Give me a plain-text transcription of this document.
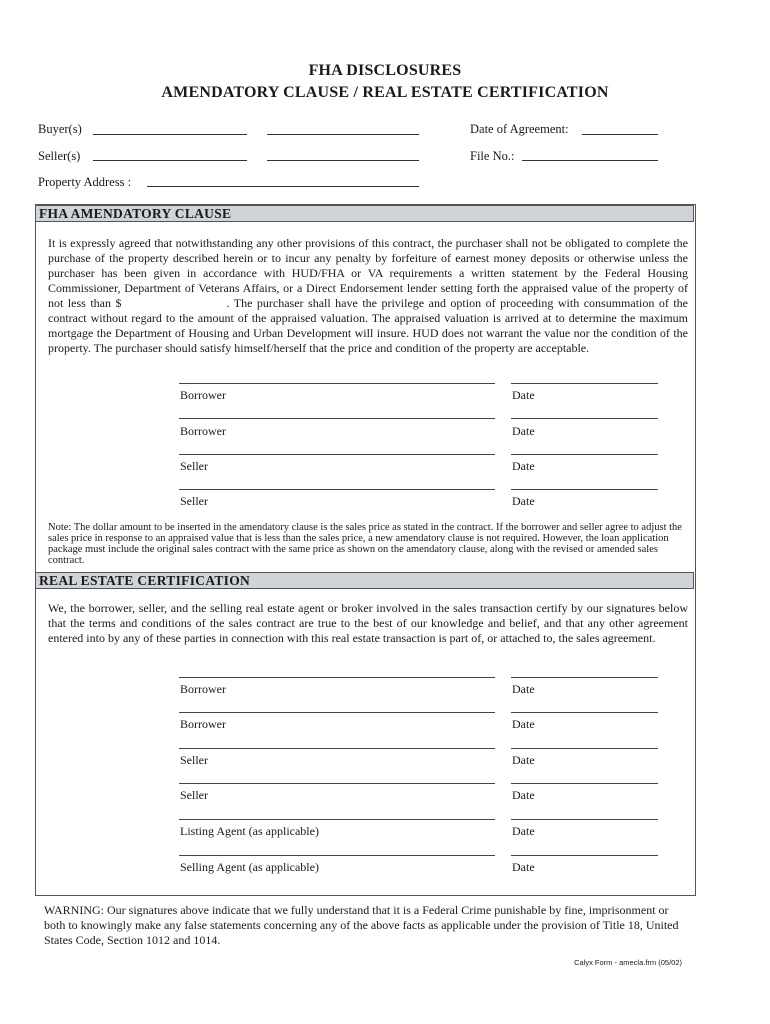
FHA DISCLOSURES
AMENDATORY CLAUSE / REAL ESTATE CERTIFICATION
Buyer(s)	Date of Agreement:
Seller(s)	File No.:
Property Address :
FHA AMENDATORY CLAUSE
It is expressly agreed that notwithstanding any other provisions of this contract, the purchaser shall not be obligated to complete the purchase of the property described herein or to incur any penalty by forfeiture of earnest money deposits or otherwise unless the purchaser has been given in accordance with HUD/FHA or VA requirements a written statement by the Federal Housing Commissioner, Department of Veterans Affairs, or a Direct Endorsement lender setting forth the appraised value of the property of not less than $	. The purchaser shall have the privilege and option of proceeding with consummation of the contract without regard to the amount of the appraised valuation. The appraised valuation is arrived at to determine the maximum mortgage the Department of Housing and Urban Development will insure. HUD does not warrant the value nor the condition of the property. The purchaser should satisfy himself/herself that the price and condition of the property are acceptable.
Borrower	Date
Borrower	Date
Seller	Date
Seller	Date
Note: The dollar amount to be inserted in the amendatory clause is the sales price as stated in the contract. If the borrower and seller agree to adjust the sales price in response to an appraised value that is less than the sales price, a new amendatory clause is not required. However, the loan application package must include the original sales contract with the same price as shown on the amendatory clause, along with the revised or amended sales contract.
REAL ESTATE CERTIFICATION
We, the borrower, seller, and the selling real estate agent or broker involved in the sales transaction certify by our signatures below that the terms and conditions of the sales contract are true to the best of our knowledge and belief, and that any other agreement entered into by any of these parties in connection with this real estate transaction is part of, or attached to, the sales agreement.
Borrower	Date
Borrower	Date
Seller	Date
Seller	Date
Listing Agent (as applicable)	Date
Selling Agent (as applicable)	Date
WARNING: Our signatures above indicate that we fully understand that it is a Federal Crime punishable by fine, imprisonment or both to knowingly make any false statements concerning any of the above facts as applicable under the provision of Title 18, United States Code, Section 1012 and 1014.
Calyx Form - amecla.frm (05/02)
